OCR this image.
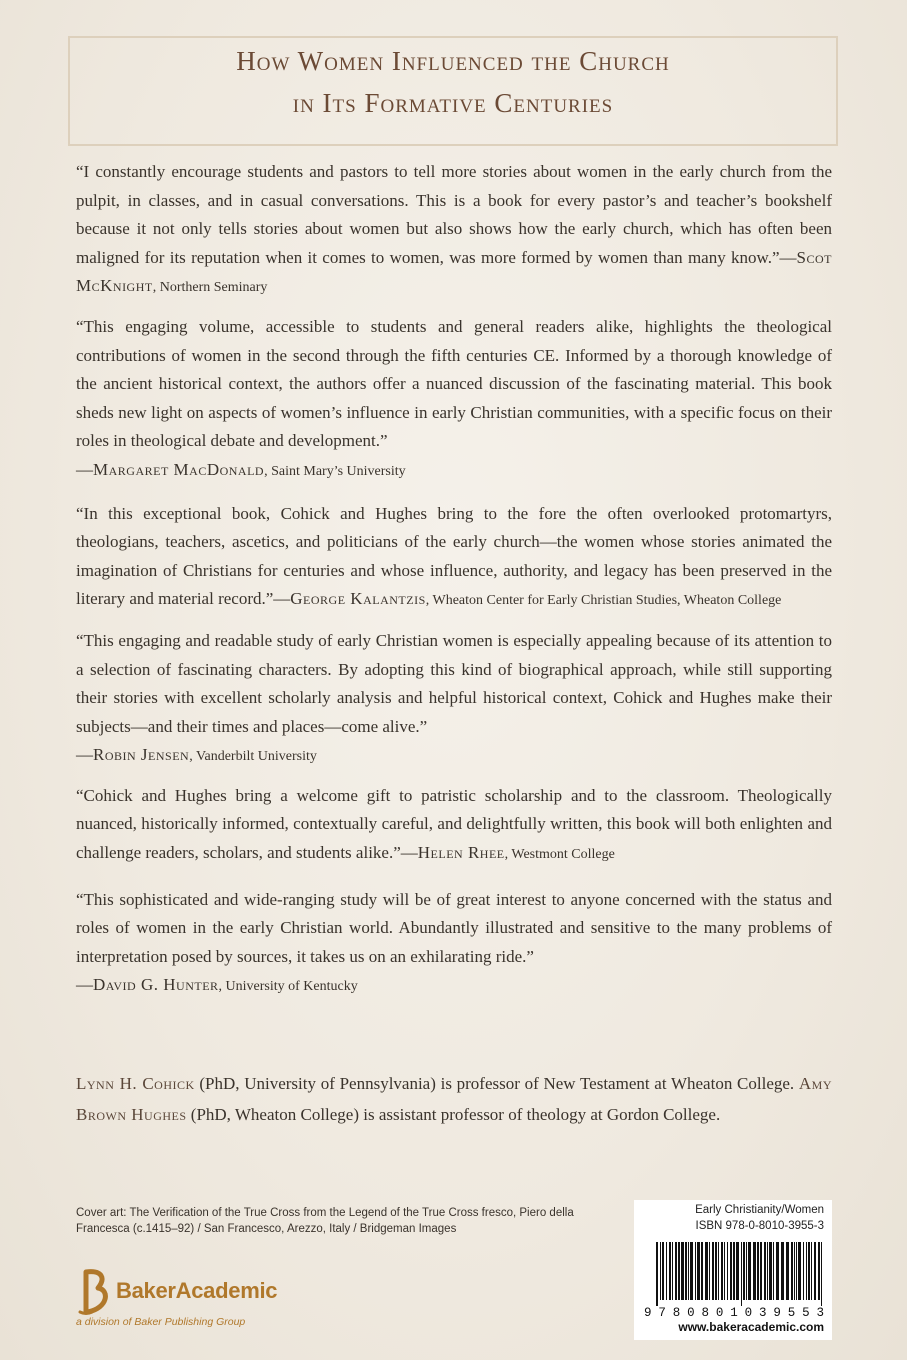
How Women Influenced the Church
in Its Formative Centuries
“I constantly encourage students and pastors to tell more stories about women in the early church from the pulpit, in classes, and in casual conversations. This is a book for every pastor’s and teacher’s bookshelf because it not only tells stories about women but also shows how the early church, which has often been maligned for its reputation when it comes to women, was more formed by women than many know.”—Scot McKnight, Northern Seminary
“This engaging volume, accessible to students and general readers alike, highlights the theological contributions of women in the second through the fifth centuries CE. Informed by a thorough knowledge of the ancient historical context, the authors offer a nuanced discussion of the fascinating material. This book sheds new light on aspects of women’s influence in early Christian communities, with a specific focus on their roles in theological debate and development.”
—Margaret MacDonald, Saint Mary’s University
“In this exceptional book, Cohick and Hughes bring to the fore the often overlooked protomartyrs, theologians, teachers, ascetics, and politicians of the early church—the women whose stories animated the imagination of Christians for centuries and whose influence, authority, and legacy has been preserved in the literary and material record.”—George Kalantzis, Wheaton Center for Early Christian Studies, Wheaton College
“This engaging and readable study of early Christian women is especially appealing because of its attention to a selection of fascinating characters. By adopting this kind of biographical approach, while still supporting their stories with excellent scholarly analysis and helpful historical context, Cohick and Hughes make their subjects—and their times and places—come alive.”
—Robin Jensen, Vanderbilt University
“Cohick and Hughes bring a welcome gift to patristic scholarship and to the classroom. Theologically nuanced, historically informed, contextually careful, and delightfully written, this book will both enlighten and challenge readers, scholars, and students alike.”—Helen Rhee, Westmont College
“This sophisticated and wide-ranging study will be of great interest to anyone concerned with the status and roles of women in the early Christian world. Abundantly illustrated and sensitive to the many problems of interpretation posed by sources, it takes us on an exhilarating ride.”
—David G. Hunter, University of Kentucky
Lynn H. Cohick (PhD, University of Pennsylvania) is professor of New Testament at Wheaton College. Amy Brown Hughes (PhD, Wheaton College) is assistant professor of theology at Gordon College.
Cover art: The Verification of the True Cross from the Legend of the True Cross fresco, Piero della Francesca (c.1415–92) / San Francesco, Arezzo, Italy / Bridgeman Images
BakerAcademic
a division of Baker Publishing Group
Early Christianity/Women
ISBN 978-0-8010-3955-3
9780801039553
www.bakeracademic.com
